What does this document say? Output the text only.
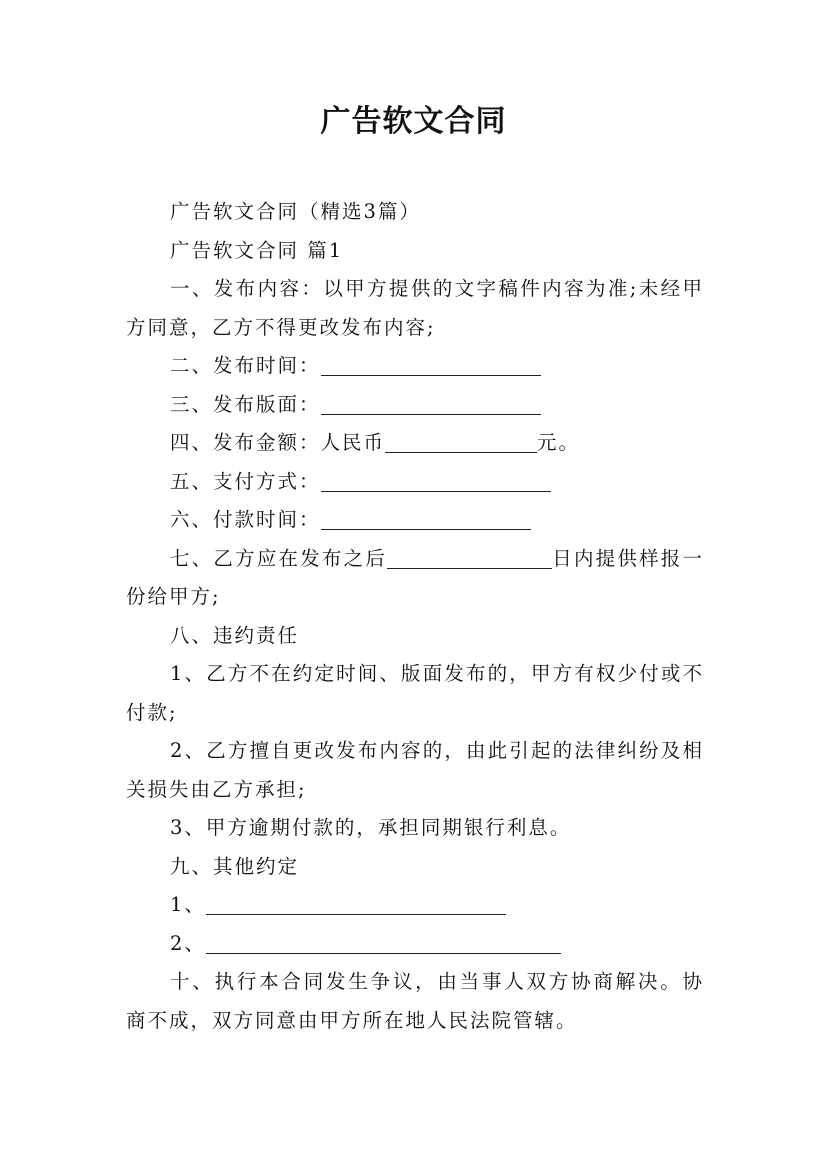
广告软文合同

广告软文合同（精选3篇）

广告软文合同 篇1

一、发布内容：以甲方提供的文字稿件内容为准;未经甲方同意，乙方不得更改发布内容;

二、发布时间：

三、发布版面：

四、发布金额：人民币	元。

五、支付方式：

六、付款时间：

七、乙方应在发布之后	日内提供样报一份给甲方;

八、违约责任

1、乙方不在约定时间、版面发布的，甲方有权少付或不付款;

2、乙方擅自更改发布内容的，由此引起的法律纠纷及相关损失由乙方承担;

3、甲方逾期付款的，承担同期银行利息。

九、其他约定

1、

2、

十、执行本合同发生争议，由当事人双方协商解决。协商不成，双方同意由甲方所在地人民法院管辖。
